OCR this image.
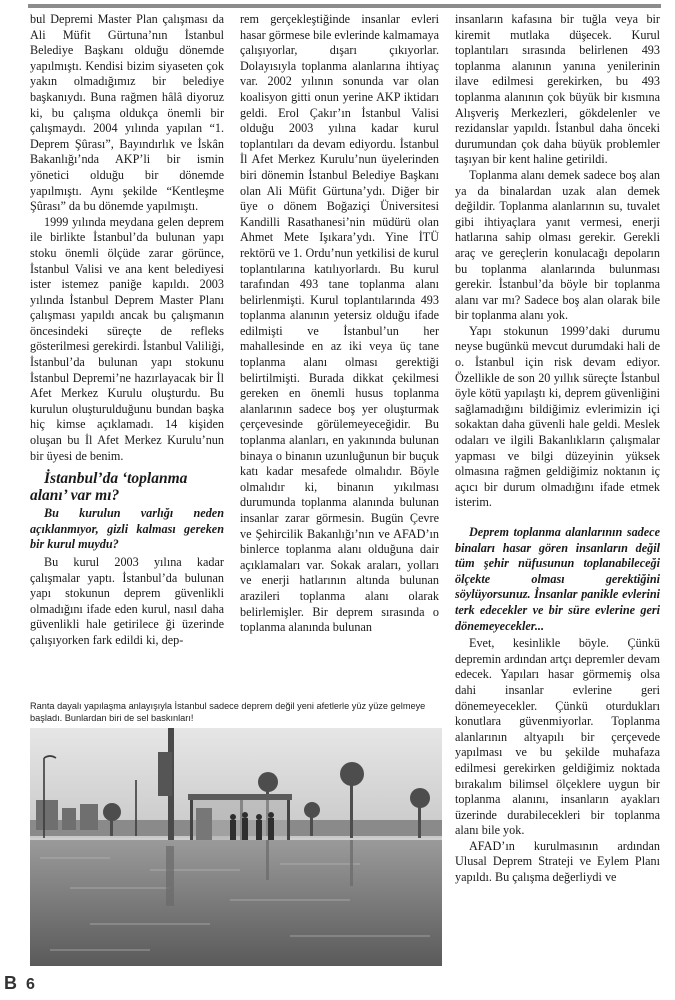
bul Depremi Master Plan çalışması da Ali Müfit Gürtuna’nın İstanbul Belediye Başkanı olduğu dönemde yapılmıştı. Kendisi bizim siyaseten çok yakın olmadığımız bir belediye başkanıydı. Buna rağmen hâlâ diyoruz ki, bu çalışma oldukça önemli bir çalışmaydı. 2004 yılında yapılan “1. Deprem Şûrası”, Bayındırlık ve İskân Bakanlığı’nda AKP’li bir ismin yönetici olduğu bir dönemde yapılmıştı. Aynı şekilde “Kentleşme Şûrası” da bu dönemde yapılmıştı.

1999 yılında meydana gelen deprem ile birlikte İstanbul’da bulunan yapı stoku önemli ölçüde zarar görünce, İstanbul Valisi ve ana kent belediyesi ister istemez paniğe kapıldı. 2003 yılında İstanbul Deprem Master Planı çalışması yapıldı ancak bu çalışmanın öncesindeki süreçte de refleks gösterilmesi gerekirdi. İstanbul Valiliği, İstanbul’da bulunan yapı stokunu İstanbul Depremi’ne hazırlayacak bir İl Afet Merkez Kurulu oluşturdu. Bu kurulun oluşturulduğunu bundan başka hiç kimse açıklamadı. 14 kişiden oluşan bu İl Afet Merkez Kurulu’nun bir üyesi de benim.

İstanbul’da ‘toplanma alanı’ var mı?

Bu kurulun varlığı neden açıklanmıyor, gizli kalması gereken bir kurul muydu?

Bu kurul 2003 yılına kadar çalışmalar yaptı. İstanbul’da bulunan yapı stokunun deprem güvenlikli olmadığını ifade eden kurul, nasıl daha güvenlikli hale getirilece ği üzerinde çalışıyorken fark edildi ki, dep-

rem gerçekleştiğinde insanlar evleri hasar görmese bile evlerinde kalmamaya çalışıyorlar, dışarı çıkıyorlar. Dolayısıyla toplanma alanlarına ihtiyaç var. 2002 yılının sonunda var olan koalisyon gitti onun yerine AKP iktidarı geldi. Erol Çakır’ın İstanbul Valisi olduğu 2003 yılına kadar kurul toplantıları da devam ediyordu. İstanbul İl Afet Merkez Kurulu’nun üyelerinden biri dönemin İstanbul Belediye Başkanı olan Ali Müfit Gürtuna’ydı. Diğer bir üye o dönem Boğaziçi Üniversitesi Kandilli Rasathanesi’nin müdürü olan Ahmet Mete Işıkara’ydı. Yine İTÜ rektörü ve 1. Ordu’nun yetkilisi de kurul toplantılarına katılıyorlardı. Bu kurul tarafından 493 tane toplanma alanı belirlenmişti. Kurul toplantılarında 493 toplanma alanının yetersiz olduğu ifade edilmişti ve İstanbul’un her mahallesinde en az iki veya üç tane toplanma alanı olması gerektiği belirtilmişti. Burada dikkat çekilmesi gereken en önemli husus toplanma alanlarının sadece boş yer oluşturmak çerçevesinde görülemeyeceğidir. Bu toplanma alanları, en yakınında bulunan binaya o binanın uzunluğunun bir buçuk katı kadar mesafede olmalıdır. Böyle olmalıdır ki, binanın yıkılması durumunda toplanma alanında bulunan insanlar zarar görmesin. Bugün Çevre ve Şehircilik Bakanlığı’nın ve AFAD’ın binlerce toplanma alanı olduğuna dair açıklamaları var. Sokak araları, yolları ve enerji hatlarının altında bulunan arazileri toplanma alanı olarak belirlemişler. Bir deprem sırasında o toplanma alanında bulunan

insanların kafasına bir tuğla veya bir kiremit mutlaka düşecek. Kurul toplantıları sırasında belirlenen 493 toplanma alanının yanına yenilerinin ilave edilmesi gerekirken, bu 493 toplanma alanının çok büyük bir kısmına Alışveriş Merkezleri, gökdelenler ve rezidanslar yapıldı. İstanbul daha önceki durumundan çok daha büyük problemler taşıyan bir kent haline getirildi.

Toplanma alanı demek sadece boş alan ya da binalardan uzak alan demek değildir. Toplanma alanlarının su, tuvalet gibi ihtiyaçlara yanıt vermesi, enerji hatlarına sahip olması gerekir. Gerekli araç ve gereçlerin konulacağı depoların bu toplanma alanlarında bulunması gerekir. İstanbul’da böyle bir toplanma alanı var mı? Sadece boş alan olarak bile bir toplanma alanı yok.

Yapı stokunun 1999’daki durumu neyse bugünkü mevcut durumdaki hali de o. İstanbul için risk devam ediyor. Özellikle de son 20 yıllık süreçte İstanbul öyle kötü yapılaştı ki, deprem güvenliğini sağlamadığını bildiğimiz evlerimizin içi sokaktan daha güvenli hale geldi. Meslek odaları ve ilgili Bakanlıkların çalışmalar yapması ve bilgi düzeyinin yüksek olmasına rağmen geldiğimiz noktanın iç açıcı bir durum olmadığını ifade etmek isterim.

Deprem toplanma alanlarının sadece binaları hasar gören insanların değil tüm şehir nüfusunun toplanabileceği ölçekte olması gerektiğini söylüyorsunuz. İnsanlar panikle evlerini terk edecekler ve bir süre evlerine geri dönemeyecekler...

Evet, kesinlikle böyle. Çünkü depremin ardından artçı depremler devam edecek. Yapıları hasar görmemiş olsa dahi insanlar evlerine geri dönemeyecekler. Çünkü oturdukları konutlara güvenmiyorlar. Toplanma alanlarının altyapılı bir çerçevede yapılması ve bu şekilde muhafaza edilmesi gerekirken geldiğimiz noktada bırakalım bilimsel ölçeklere uygun bir toplanma alanını, insanların ayakları üzerinde durabilecekleri bir toplanma alanı bile yok.

AFAD’ın kurulmasının ardından Ulusal Deprem Strateji ve Eylem Planı yapıldı. Bu çalışma değerliydi ve

Ranta dayalı yapılaşma anlayışıyla İstanbul sadece deprem değil yeni afetlerle yüz yüze gelmeye başladı. Bunlardan biri de sel baskınları!
B 6
